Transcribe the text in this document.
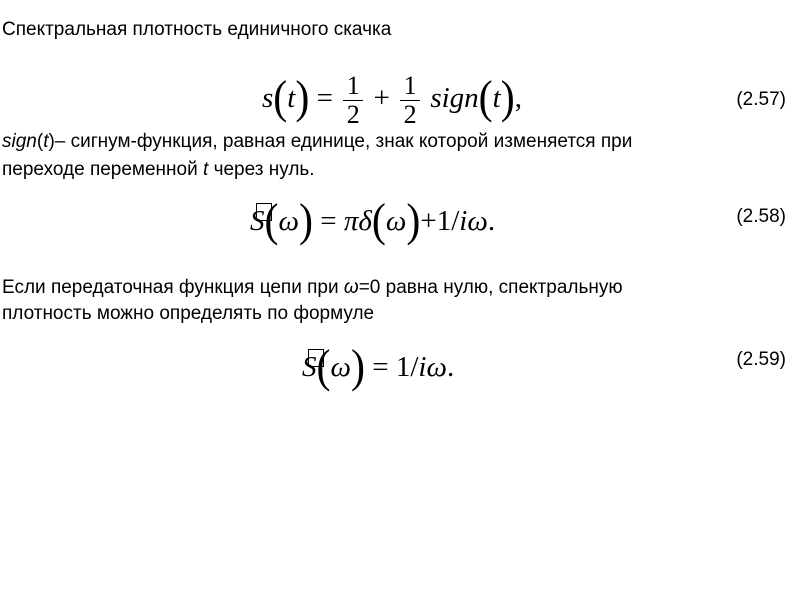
Спектральная плотность единичного скачка
$s(t) = \frac{1}{2} + \frac{1}{2}$ sign(t),	(2.57)
sign(t)– сигнум-функция, равная единице, знак которой изменяется при
переходе переменной t через нуль.
S(ω) = πδ(ω)+1/iω.	(2.58)
Если передаточная функция цепи при ω=0 равна нулю, спектральную
плотность можно определять по формуле
S(ω) = 1/iω.	(2.59)
